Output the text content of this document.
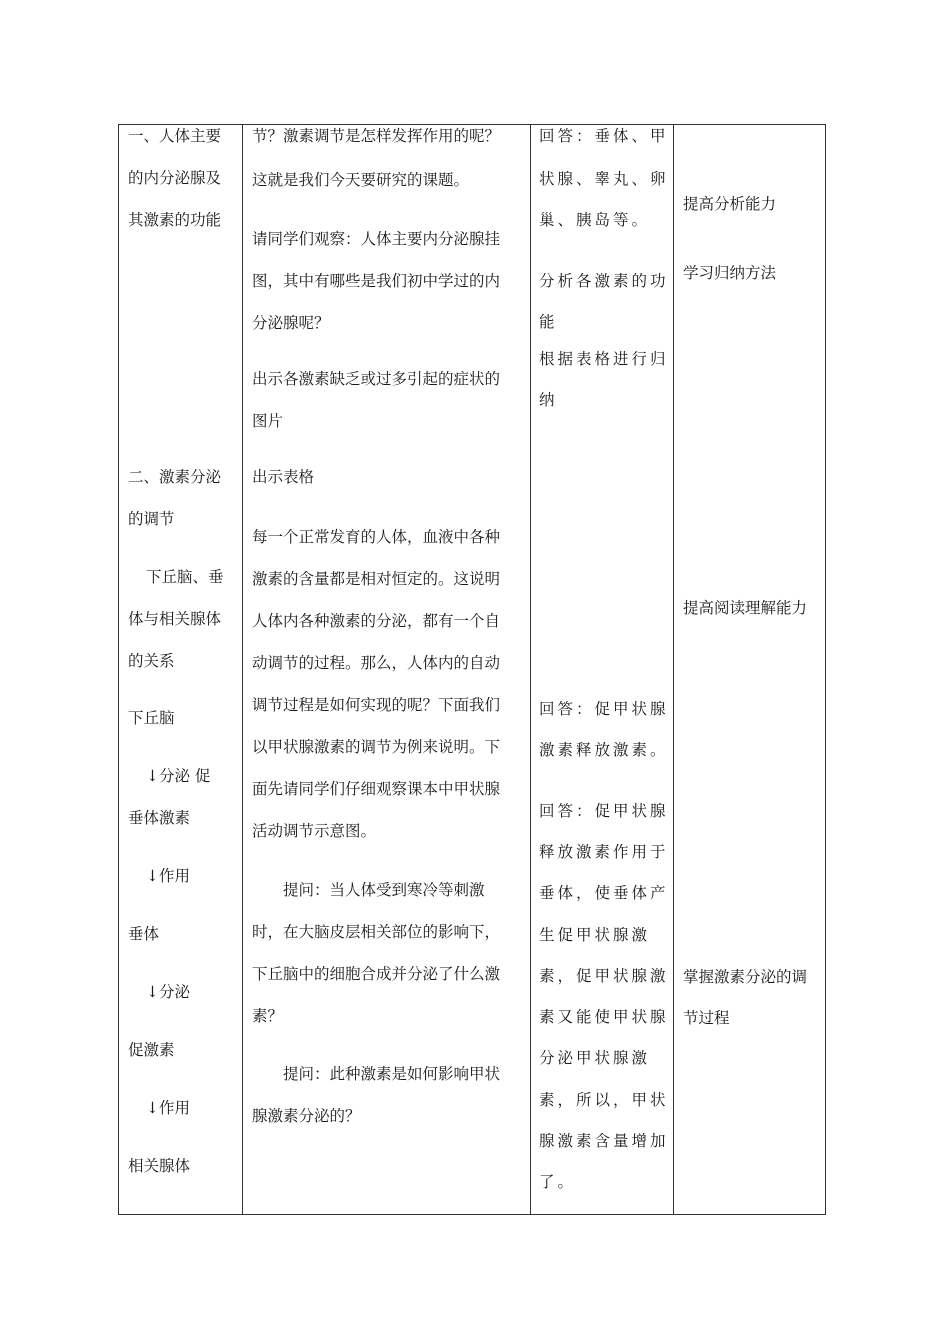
一、人体主要
的内分泌腺及
其激素的功能
二、激素分泌
的调节
下丘脑、垂
体与相关腺体
的关系
下丘脑
↓分泌 促
垂体激素
↓作用
垂体
↓分泌
促激素
↓作用
相关腺体
节？激素调节是怎样发挥作用的呢？
这就是我们今天要研究的课题。
请同学们观察：人体主要内分泌腺挂
图，其中有哪些是我们初中学过的内
分泌腺呢？
出示各激素缺乏或过多引起的症状的
图片
出示表格
每一个正常发育的人体，血液中各种
激素的含量都是相对恒定的。这说明
人体内各种激素的分泌，都有一个自
动调节的过程。那么，人体内的自动
调节过程是如何实现的呢？下面我们
以甲状腺激素的调节为例来说明。下
面先请同学们仔细观察课本中甲状腺
活动调节示意图。
提问：当人体受到寒冷等刺激
时，在大脑皮层相关部位的影响下，
下丘脑中的细胞合成并分泌了什么激
素？
提问：此种激素是如何影响甲状
腺激素分泌的？
回答：垂体、甲
状腺、睾丸、卵
巢、胰岛等。
分析各激素的功
能
根据表格进行归
纳
回答：促甲状腺
激素释放激素。
回答：促甲状腺
释放激素作用于
垂体，使垂体产
生促甲状腺激
素，促甲状腺激
素又能使甲状腺
分泌甲状腺激
素，所以，甲状
腺激素含量增加
了。
提高分析能力
学习归纳方法
提高阅读理解能力
掌握激素分泌的调
节过程
